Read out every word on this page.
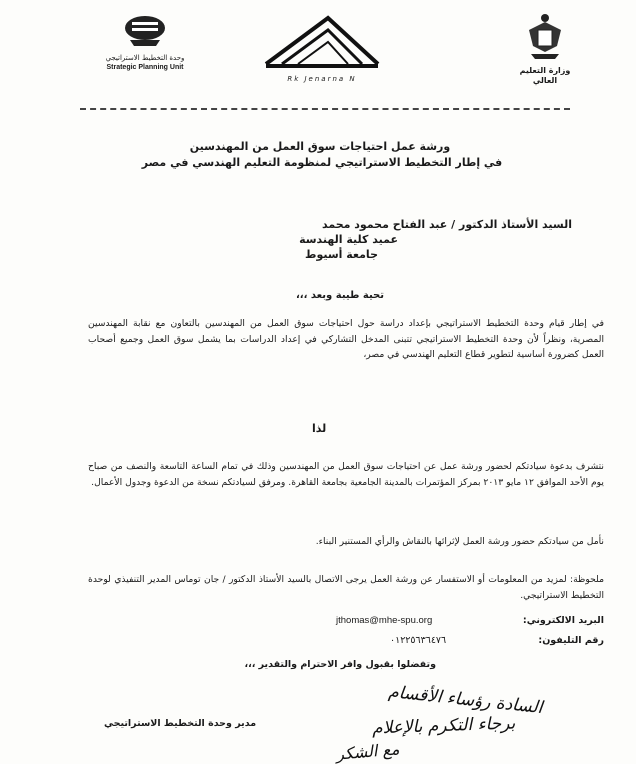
وحدة التخطيط الاستراتيجي
Strategic Planning Unit
Rk Jenarna N
وزارة التعليم العالي
ورشة عمل احتياجات سوق العمل من المهندسين
في إطار التخطيط الاستراتيجي لمنظومة التعليم الهندسي في مصر
السيد الأستاذ الدكتور / عبد الفتاح محمود محمد
عميد كلية الهندسة
جامعة أسيوط
تحية طيبة وبعد ،،،
في إطار قيام وحدة التخطيط الاستراتيجي بإعداد دراسة حول احتياجات سوق العمل من المهندسين بالتعاون مع نقابة المهندسين المصرية، ونظراً لأن وحدة التخطيط الاستراتيجي تتبنى المدخل التشاركي في إعداد الدراسات بما يشمل سوق العمل وجميع أصحاب العمل كضرورة أساسية لتطوير قطاع التعليم الهندسي في مصر،
لذا
نتشرف بدعوة سيادتكم لحضور ورشة عمل عن احتياجات سوق العمل من المهندسين وذلك في تمام الساعة التاسعة والنصف من صباح يوم الأحد الموافق ١٢ مايو ٢٠١٣ بمركز المؤتمرات بالمدينة الجامعية بجامعة القاهرة. ومرفق لسيادتكم نسخة من الدعوة وجدول الأعمال.
نأمل من سيادتكم حضور ورشة العمل لإثرائها بالنقاش والرأي المستنير البناء.
ملحوظة: لمزيد من المعلومات أو الاستفسار عن ورشة العمل يرجى الاتصال بالسيد الأستاذ الدكتور / جان توماس المدير التنفيذي لوحدة التخطيط الاستراتيجي.
البريد الالكتروني:
jthomas@mhe-spu.org
رقم التليفون:
٠١٢٢٥٦٣٦٤٧٦
وتفضلوا بقبول وافر الاحترام والتقدير ،،،
مدير وحدة التخطيط الاستراتيجي
السادة رؤساء الأقسام
برجاء التكرم بالإعلام
مع الشكر
